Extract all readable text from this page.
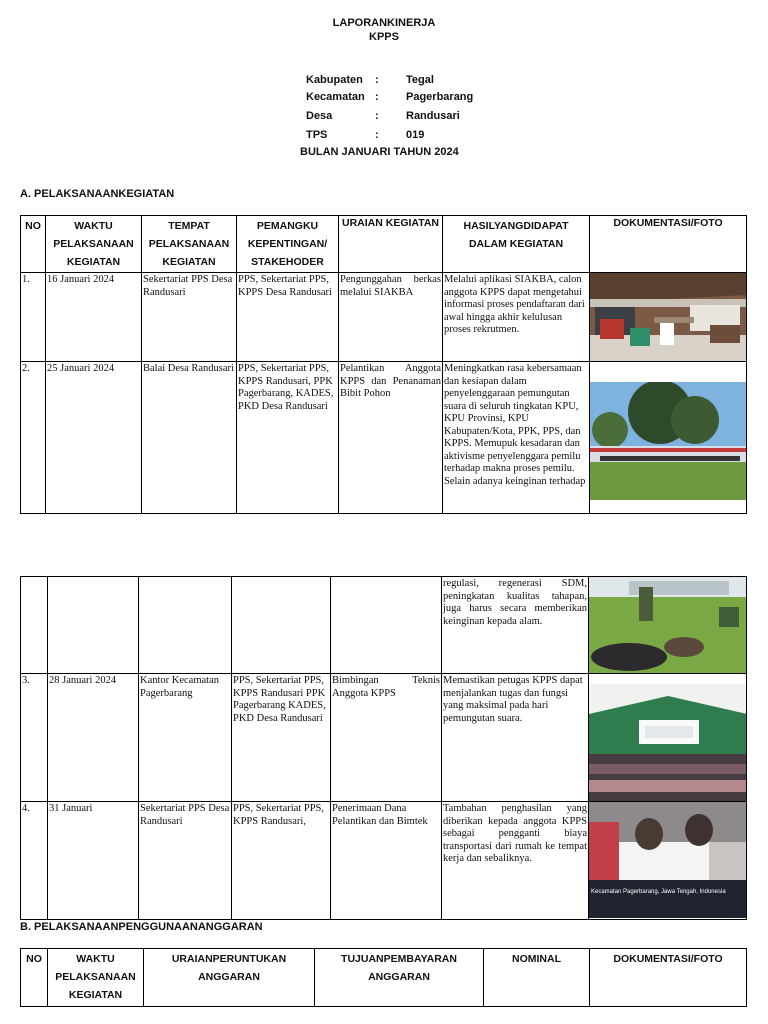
LAPORANKINERJA
KPPS
Kabupaten : Tegal
Kecamatan : Pagerbarang
Desa	: Randusari
TPS	: 019
BULAN JANUARI TAHUN 2024
A. PELAKSANAANKEGIATAN
NO	WAKTU PELAKSANAAN KEGIATAN	TEMPAT PELAKSANAAN KEGIATAN	PEMANGKU KEPENTINGAN/ STAKEHODER	URAIAN KEGIATAN	HASILYANGDIDAPAT DALAM KEGIATAN	DOKUMENTASI/FOTO
1.	16 Januari 2024	Sekertariat PPS Desa Randusari	PPS, Sekertariat PPS, KPPS Desa Randusari	Pengunggahan berkas melalui SIAKBA	Melalui aplikasi SIAKBA, calon anggota KPPS dapat mengetahui informasi proses pendaftaran dari awal hingga akhir kelulusan proses rekrutmen.	

2.	25 Januari 2024	Balai Desa Randusari	PPS, Sekertariat PPS, KPPS Randusari, PPK Pagerbarang, KADES, PKD Desa Randusari	Pelantikan Anggota KPPS dan Penanaman Bibit Pohon	Meningkatkan rasa kebersamaan dan kesiapan dalam penyelenggaraan pemungutan suara di seluruh tingkatan KPU, KPU Provinsi, KPU Kabupaten/Kota, PPK, PPS, dan KPPS. Memupuk kesadaran dan aktivisme penyelenggara pemilu terhadap makna proses pemilu. Selain adanya keinginan terhadap	
					regulasi, regenerasi SDM, peningkatan kualitas tahapan, juga harus secara memberikan keinginan kepada alam.	

3.	28 Januari 2024	Kantor Kecamatan Pagerbarang	PPS, Sekertariat PPS, KPPS Randusari PPK Pagerbarang KADES, PKD Desa Randusari	Bimbingan Teknis Anggota KPPS	Memastikan petugas KPPS dapat menjalankan tugas dan fungsi yang maksimal pada hari pemungutan suara.	

4.	31 Januari	Sekertariat PPS Desa Randusari	PPS, Sekertariat PPS, KPPS Randusari,	Penerimaan Dana Pelantikan dan Bimtek	Tambahan penghasilan yang diberikan kepada anggota KPPS sebagai pengganti biaya transportasi dari rumah ke tempat kerja dan sebaliknya.	Kecamatan Pagerbarang, Jawa Tengah, Indonesia
B. PELAKSANAANPENGGUNAANANGGARAN
NO	WAKTU PELAKSANAAN KEGIATAN	URAIANPERUNTUKAN ANGGARAN	TUJUANPEMBAYARAN ANGGARAN	NOMINAL	DOKUMENTASI/FOTO
